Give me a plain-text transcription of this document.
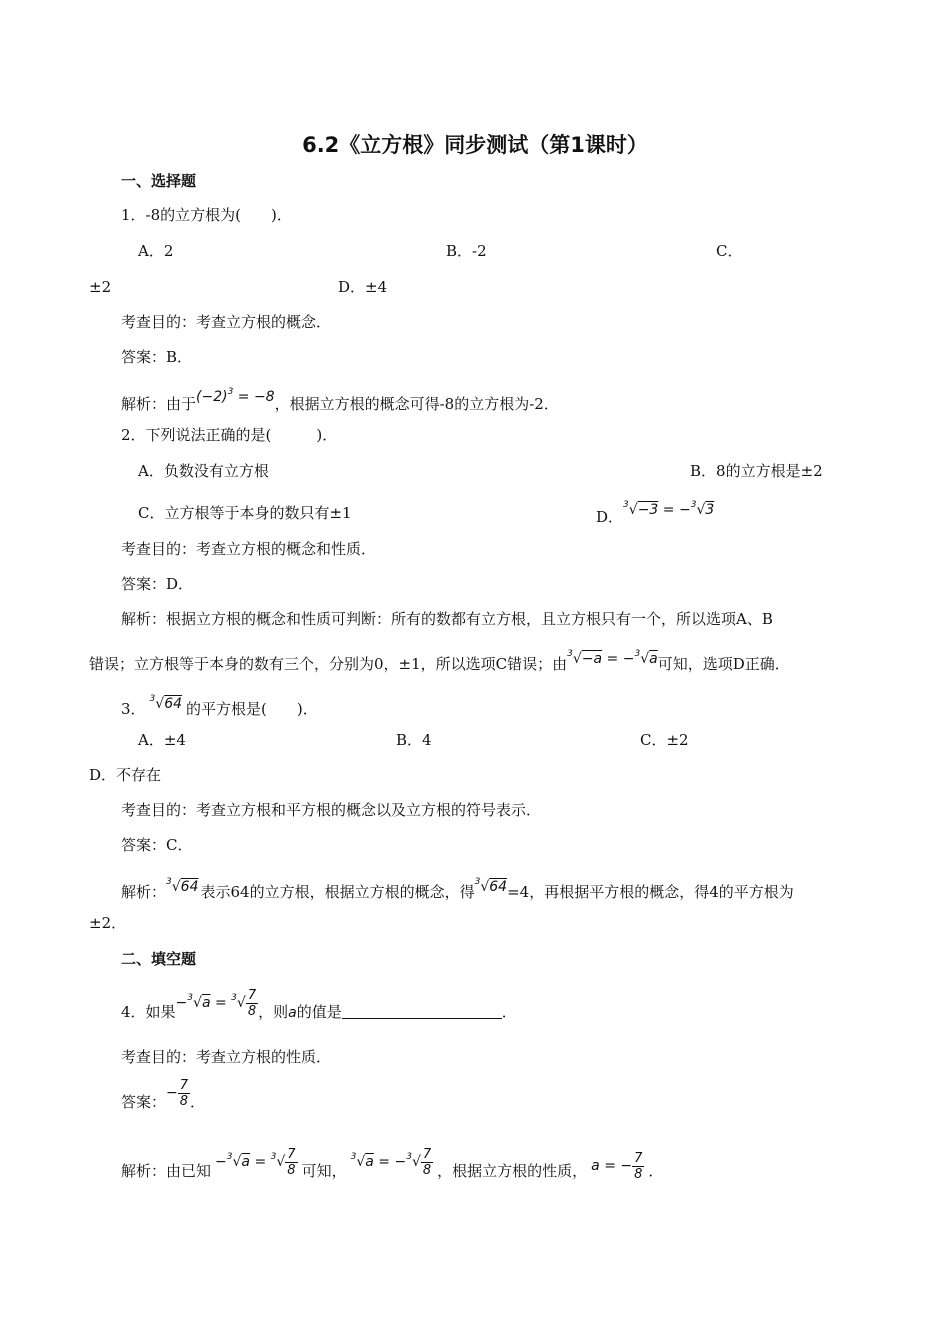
6.2《立方根》同步测试（第1课时）
一、选择题
1．-8的立方根为(　　)．
A．2	B．-2	C．
±2	D．±4
考查目的：考查立方根的概念．
答案：B．
解析：由于$(-2)^3 = -8$，根据立方根的概念可得-8的立方根为-2．
2．下列说法正确的是(　　　)．
A．负数没有立方根	B．8的立方根是±2
C．立方根等于本身的数只有±1	D．$^3$√−3 = −$^3$√3
考查目的：考查立方根的概念和性质．
答案：D．
解析：根据立方根的概念和性质可判断：所有的数都有立方根，且立方根只有一个，所以选项A、B
错误；立方根等于本身的数有三个，分别为0，±1，所以选项C错误；由$^3$√−a = −$^3$√a可知，选项D正确．
3．$^3$√64 的平方根是(　　)．
A．±4	B．4	C．±2
D．不存在
考查目的：考查立方根和平方根的概念以及立方根的符号表示．
答案：C．
解析：$^3$√64 表示64的立方根，根据立方根的概念，得$^3$√64=4，再根据平方根的概念，得4的平方根为
±2．
二、填空题
4．如果$-^3√a = ^3√ \frac{7}{8}$ ，则a的值是	．
考查目的：考查立方根的性质．
答案：− $\frac{7}{8}$ ．
解析：由已知 $-^3√a = ^3√ \frac{7}{8}$ 可知，$^3√a = -^3√ \frac{7}{8}$ ，根据立方根的性质， a = − $\frac{7}{8}$ ．
